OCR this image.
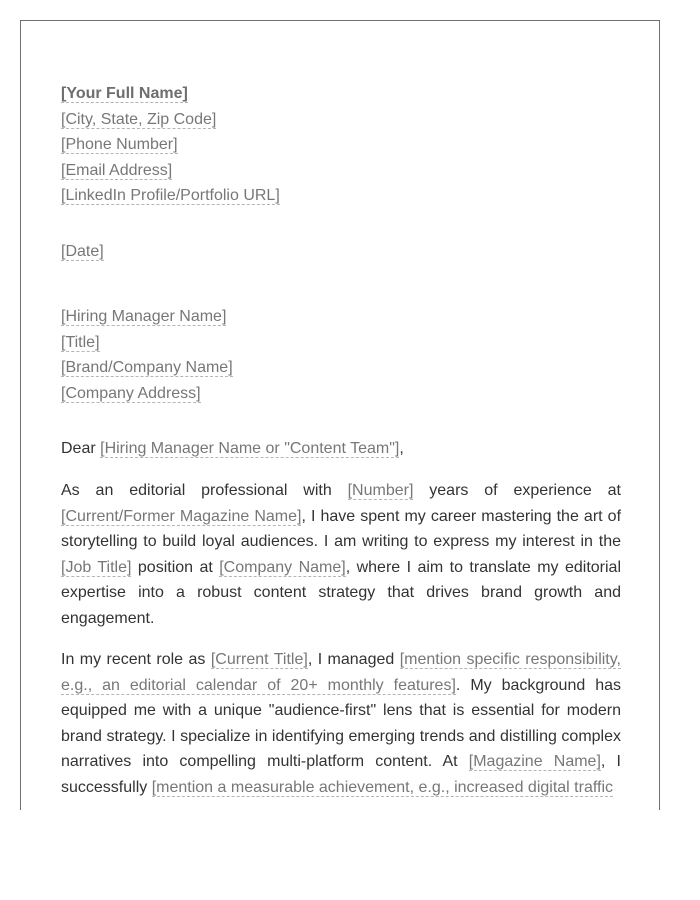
[Your Full Name]
[City, State, Zip Code]
[Phone Number]
[Email Address]
[LinkedIn Profile/Portfolio URL]
[Date]
[Hiring Manager Name]
[Title]
[Brand/Company Name]
[Company Address]
Dear [Hiring Manager Name or "Content Team"],

As an editorial professional with [Number] years of experience at [Current/Former Magazine Name], I have spent my career mastering the art of storytelling to build loyal audiences. I am writing to express my interest in the [Job Title] position at [Company Name], where I aim to translate my editorial expertise into a robust content strategy that drives brand growth and engagement.

In my recent role as [Current Title], I managed [mention specific responsibility, e.g., an editorial calendar of 20+ monthly features]. My background has equipped me with a unique "audience-first" lens that is essential for modern brand strategy. I specialize in identifying emerging trends and distilling complex narratives into compelling multi-platform content. At [Magazine Name], I successfully [mention a measurable achievement, e.g., increased digital traffic
